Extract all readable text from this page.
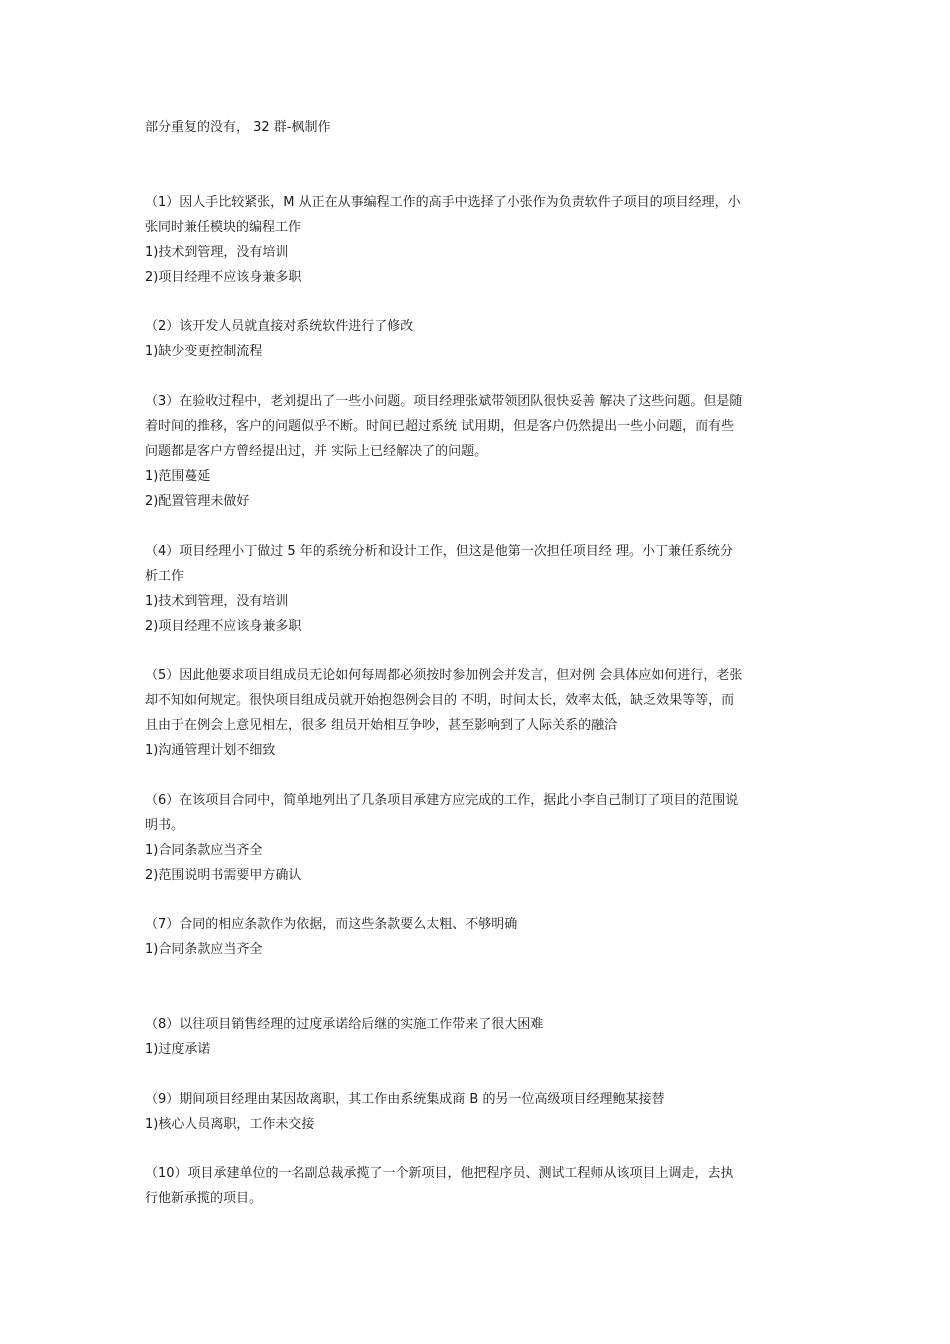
部分重复的没有， 32 群-枫制作
（1）因人手比较紧张，M 从正在从事编程工作的高手中选择了小张作为负责软件子项目的项目经理，小
张同时兼任模块的编程工作
1)技术到管理，没有培训
2)项目经理不应该身兼多职
（2）该开发人员就直接对系统软件进行了修改
1)缺少变更控制流程
（3）在验收过程中，老刘提出了一些小问题。项目经理张斌带领团队很快妥善 解决了这些问题。但是随
着时间的推移，客户的问题似乎不断。时间已超过系统 试用期，但是客户仍然提出一些小问题，而有些
问题都是客户方曾经提出过，并 实际上已经解决了的问题。
1)范围蔓延
2)配置管理未做好
（4）项目经理小丁做过 5 年的系统分析和设计工作，但这是他第一次担任项目经 理。小丁兼任系统分
析工作
1)技术到管理，没有培训
2)项目经理不应该身兼多职
（5）因此他要求项目组成员无论如何每周都必须按时参加例会并发言，但对例 会具体应如何进行，老张
却不知如何规定。很快项目组成员就开始抱怨例会目的 不明，时间太长，效率太低，缺乏效果等等，而
且由于在例会上意见相左，很多 组员开始相互争吵，甚至影响到了人际关系的融洽
1)沟通管理计划不细致
（6）在该项目合同中，简单地列出了几条项目承建方应完成的工作，据此小李自己制订了项目的范围说
明书。
1)合同条款应当齐全
2)范围说明书需要甲方确认
（7）合同的相应条款作为依据，而这些条款要么太粗、不够明确
1)合同条款应当齐全
（8）以往项目销售经理的过度承诺给后继的实施工作带来了很大困难
1)过度承诺
（9）期间项目经理由某因故离职，其工作由系统集成商 B 的另一位高级项目经理鲍某接替
1)核心人员离职，工作未交接
（10）项目承建单位的一名副总裁承揽了一个新项目，他把程序员、测试工程师从该项目上调走，去执
行他新承揽的项目。
